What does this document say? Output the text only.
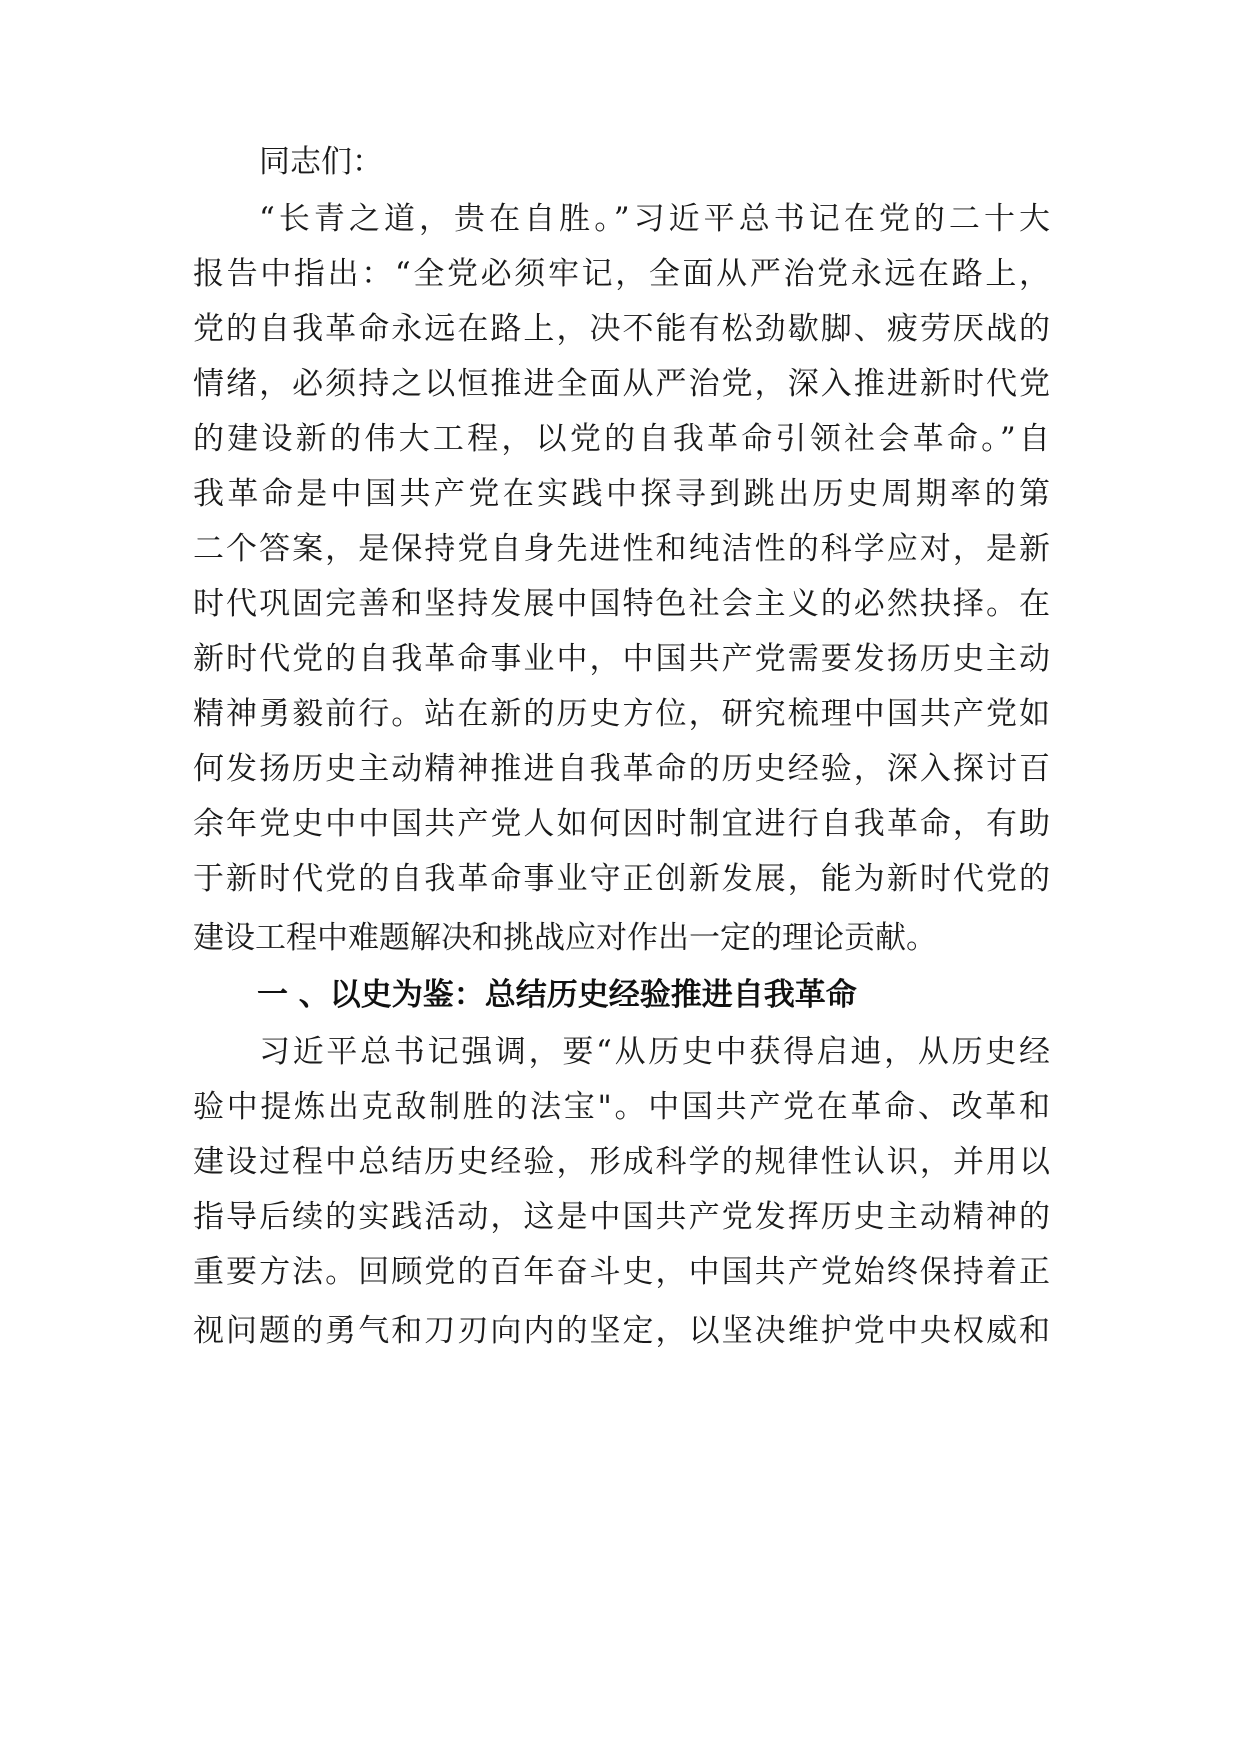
同志们：

“长青之道，贵在自胜。”习近平总书记在党的二十大

报告中指出：“全党必须牢记，全面从严治党永远在路上，

党的自我革命永远在路上，决不能有松劲歇脚、疲劳厌战的

情绪，必须持之以恒推进全面从严治党，深入推进新时代党

的建设新的伟大工程，以党的自我革命引领社会革命。”自

我革命是中国共产党在实践中探寻到跳出历史周期率的第

二个答案，是保持党自身先进性和纯洁性的科学应对，是新

时代巩固完善和坚持发展中国特色社会主义的必然抉择。在

新时代党的自我革命事业中，中国共产党需要发扬历史主动

精神勇毅前行。站在新的历史方位，研究梳理中国共产党如

何发扬历史主动精神推进自我革命的历史经验，深入探讨百

余年党史中中国共产党人如何因时制宜进行自我革命，有助

于新时代党的自我革命事业守正创新发展，能为新时代党的

建设工程中难题解决和挑战应对作出一定的理论贡献。

一 、以史为鉴：总结历史经验推进自我革命

习近平总书记强调，要“从历史中获得启迪，从历史经

验中提炼出克敌制胜的法宝"。中国共产党在革命、改革和

建设过程中总结历史经验，形成科学的规律性认识，并用以

指导后续的实践活动，这是中国共产党发挥历史主动精神的

重要方法。回顾党的百年奋斗史，中国共产党始终保持着正

视问题的勇气和刀刃向内的坚定，以坚决维护党中央权威和
